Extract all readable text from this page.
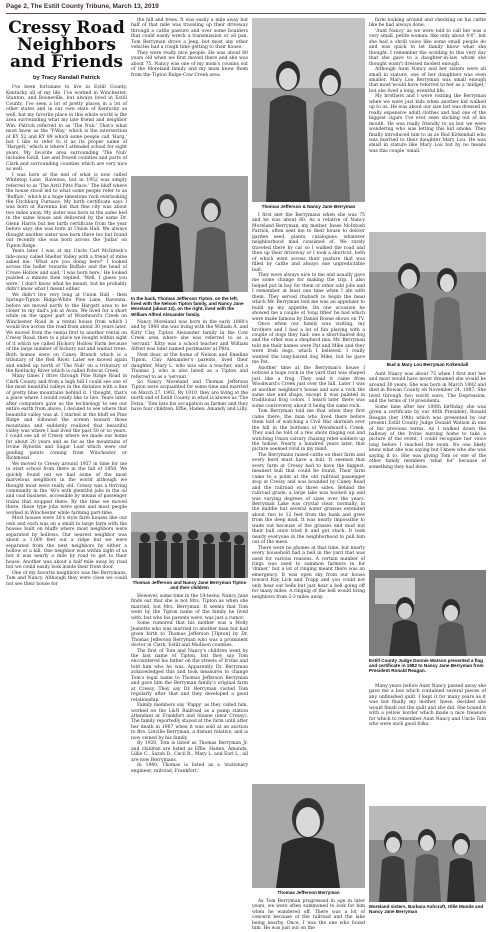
Page 2, The Estill County Tribune, March 13, 2019
Cressy Road Neighbors and Friends
by Tracy Randall Patrick

I've been fortunate to live in Estill County, Kentucky all of my life. I've worked in Winchester, Stanton, and Booneville, but always lived in Estill County. I've seen a lot of pretty places in a lot of other states and in our own state of Kentucky as well, but my favorite place in this whole world is the area surrounding what my late friend and neighbor Wm. Patrick referred to as 'The Nub.' That's what most know as the 'Y-Way,' which is the intersection of KY 52 and KY 89 which some people call 'Harg,' but I like to refer to it as its proper name of 'Hargett,' which is where I attended school for eight years. My favorite area surrounding 'The Nub' includes Estill, Lee and Powell counties and parts of Clark and surrounding counties which are very nice as well.

I was born at the end of what is now called Whitetop Lane, Ravenna, but in 1952 was simply referred to as 'The Avril Pitts Place.' The bluff where the house stood led to what some people refer to as 'Buffalo,' which is a huge limestone rock overlooking the Fitchburg Furnace. My birth certificate says I was born at Ravenna but that fine city was about two miles away. My sister was born in the same bed in the same house and delivered by the same Dr. Glenn Harris but her birth certificate from the year before says she was born at Union Hall. We always thought another sister was born there too but found out recently she was born across the 'Judas' on Tipton Ridge.

Years later, I was at my Uncle Carl McIntosh's tide-away called Shelter Valley with a friend of mine asked me, 'What are you doing here?' I looked across the holler towards Buffalo and the head of Crowe Hollow and said, 'I was born here.' He looked puzzled a minute then replied, 'Well, I guess you were.' I don't know what he meant, but he probably didn't know what I meant either.

We didn't live very long at Union Hall - then Springs-Tipton Ridge-White Pine Lane, Ravenna, before we moved north to the Hargett area to be closer to my dad's job at Avon. We lived for a short while on the upper part of Woodward's Creek on Winchester Road in a rental house from which I would live across the road from about 30 years later. We moved from the rental first to another rental on Cressy Road, then to a place we bought within sight of it which we called Hickory Hollow Farm because of the large number of hickory nut and walnut trees. Both homes were on Caney Branch which is a tributary of the Red River. Later we moved again and ended up north of 'The Nub' on a tributary of the Kentucky River which is called Polecat Creek.

Many times I drive through Pine Ridge Road in Clark County and from a high hill I could see one of the most beautiful valleys in the distance with a line of pretty blue mountains behind it. I thought, that's a place where I would really like to live. Years later, after computers gave us the technology to see our entire earth from above, I decided to see where that beautiful valley was at. I started at the bluff on Pine Ridge and followed the screen toward those mountains and suddenly realized that beautiful valley was where I had lived the past 50 or so years. I could see all of Cressy where we made our home for about 20 years and as far as the mountains of Irvine Rynolds and Sugar Loaf which were our guiding points coming from Winchester or Richmond.

We moved to Cressy around 1957 in time for me to start school from there in the fall of 1958. We quickly found out we had some of the most marvelous neighbors in the world although we thought most were really old. Cressy was a thriving community in the '40's with plentiful jobs in the oil and coal business, accessible by means of passenger trains that stopped there. By the time we moved there, those type jobs were gone and most people worked in Winchester while farming part-time.

Most houses were 30's style farm houses like our own and each was on a small to large farm with the houses built on bluffs where most neighbors were separated by hollows. Our nearest neighbor was about a 1,000 feet out a ridge but we were separated from the next neighbors by either a hollow or a hill. One neighbor was within sight of us but it was nearly a mile by road to get to their house. Another was about a half mile away by road but we could easily look inside their front door.

One of my favorite neighbors was the Berrymans, Tom and Nancy. Although they were close we could not see their house for

the hill and trees. It was easily a mile away but half of that mile was traveling up their driveway through a cattle pasture and over some boulders that could easily wreck a transmission or oil pan. Tom Berryman drove a Jeep, but most any other vehicles had a rough time getting to their house.

They were really nice people. He was about 80 years old when we first moved there and she was about 75. Nancy was one of my mom's cousins out of the Moreland family and my mom knew them from the Tipton Ridge-Cow Creek area.

In the back, Thomas Jefferson Tipton, on the left, lived with the Nelson Tipton family, and Nancy Jane Moreland (about 13), on the right, lived with the William Alfred Alexander family.

Nancy Moreland was born in the early 1880's and by 1900 she was living with the William A. and Kitty Clay Tipton Alexander family in the Cow Creek area where she was referred to as a 'servant.' Kitty was a school teacher and William Alfred was later named postmaster at Pitts.

Next door, at the home of Nelson and Emeline Tipton, Clay Alexander's parents, lived their daughter, Mary L. who was also a teacher, and a Thomas J. who is also listed as a Tipton and referred to as a 'servant.'

So Nancy Moreland and Thomas Jefferson Tipton were acquainted for some time and married on March 27, 1902. By 1910, they are living at the north end of Estill County in what is known as 'The Fetza.' Tom lists his occupation as farmer and they have four children, Effie, Haden, Amandy and Lilly.

Thomas Jefferson and Nancy Jane Berryman Tipton and their children

However, some time in the 19-teens, Nancy Jane finds out that she is not Mrs. Tipton as when she married, but Mrs. Berryman. It seems that Tom went by the Tipton name of the family he lived with, but who his parents were, was just a rumor.

Some rumored that his mother was a Molly Jeanette who was married to another man but had given birth to Thomas Jefferson [Tipton] by Dr. Thomas Jefferson Berryman who was a prominent doctor in Clark, Estill and Madison counties.

The first of Tom and Nancy's children went by the last name of Tipton, but they say Tom encountered his father on the streets of Irvine and told him who he was. Apparently Dr. Berryman acknowledged this and took measures to change Tom's legal name to Thomas Jefferson Berryman and gave him the Berryman family's original farm at Cressy. They say Dr. Berryman visited Tom regularly after that and they developed a good relationship.

Family members say 'Pappy' as they called him, worked on the L&N Railroad as a pump station attendant at Frankfort and Sloane (near Cressy). The family reportedly stayed at the farm until after her death in 1987 when it was sold at an auction to Bro. Linville Berryman, a distant relative, and is now owned by his family.

By 1920, Tom is listed as Thomas Berryman Jr. and children are listed as Effie, Haden, Amanda, Lillie C., Sarah D., Cecil R., Mary L. and Earl L., all are now Berrymans.

In 1940, Thomas is listed as a 'stationary engineer, railroad, Frankfort.'

Thomas Jefferson & Nancy Jane Berryman

I first met the Berrymans when she was 75 and he was about 80. As a relative of Nancy Moreland Berryman, my mother, Inese McIntosh Patrick, often sent me to their house to deliver garden seed, plants, catalogues, whatever neighborhood mail consisted of. We rarely traveled there by car so I walked the road and then up their driveway or I took a shortcut, both of which went across their pasture that was filled by cattle and always one unpredictable bull.

They were always nice to me and usually gave me some change for making the trip. I also helped put in hay for them or other odd jobs and I remember at least one time when I ate with them. They served rhubarb to begin the meal which Mr. Berryman told me was an appetizer to build up my appetite. On one occasion he showed me a couple of 'long rifles' he had which were made famous by Daniel Boone shows on TV.

Once when our family was visiting, my brothers and I had a lot of fun playing with a couple of dogs they had: one a short-haired dog and the other was a shepherd mix. Mr. Berryman told me their names were Pat and Mike and they were Irish dogs, which I believed. I really wanted the long-haired dog Mike, but he gave me Pat.

Another time at the Berryman's house I noticed a huge rock in the yard that was shaped just like a frog. They said it came from Woodward's Creek just over the hill. Later I was at another neighbor's house and saw a rock the same size and shape, except it was painted in traditional frog colors. I heard later there was some controversy about it being the same rock.

Tom Berryman told me that when they first came there, the man who lived there before them told of watching a Civil War skirmish over the hill in the bottoms of Woodward's Creek. They said he told of a few shots ringing out and watching Union calvary chasing rebel soldiers up the hollow. Nearly a hundred years later, that picture seemed vivid in my mind.

The Berrymans raised cattle on their farm and every herd must have a bull. It seemed that every farm at Cressy had to have the biggest, meanest bull that could be found. Their farm came to a point at the old railroad passenger stop at Cressy and was bounded by Caney Road and the railroad on three sides. Behind the railroad grade, a large lake was backed up and was varying degrees of sizes over the years. Berryman Lake was crystal clear, normally, in the middle but several water grasses extended about two to 12 feet from the bank and grew from the deep mud. It was nearly impossible to wade out because of the grasses and mud but their bull once tried it and got stuck. It took nearly everyone in the neighborhood to pull him out of the mess.

There were no phones at that time, but nearly every household had a bell in the yard that was used for various reasons. A certain number of rings was used to summon farmers in for 'dinner,' but a lot of ringing meant there was an emergency. It was open sky from our house toward Ray Lick and Trapp and you could not only hear our bells but just hear a bell going off for many miles. A ringing of the bell would bring neighbors from 2-3 miles away.

Thomas Jefferson Berryman

As Tom Berryman progressed in age in later years, we were often summoned to look for him when he wandered off. There was a lot of concern because of the railroad and the lake being nearby. Once, I was the one who found him. He was just out on the

farm looking around and checking on his cattle like he had always done.

'Aunt Nancy' as we were told to call her was a very small, petite woman, like only about 4'6", but she had a shrill voice like some small people do and was quick to let family know what she thought. I remember the scolding to this very day that she gave to a daughter-in-law whom she thought wasn't dressed modest enough.

Although Aunt Nancy and her sisters were all small in stature, one of her daughters was even smaller. Mary Lou Berryman was small enough that most would have referred to her as a 'midget,' but she lived a long, eventful life.

My brothers and I were visiting the Berryman when we were just kids when another kid walked up to us. He was about our size but was dressed in really expensive adult clothes and had one of the biggest cigars I've ever seen sticking out of his mouth. He was really friendly to us but we were wondering who was letting this kid smoke. They finally introduced him to us as Bud Kirkendall who was married to their daughter Mary Lou. He was small in stature like Mary Lou but by no means was this couple 'small.'

Bud & Mary Lou Berryman Kirkendall

Aunt Nancy was about 75 when I first met her and most would have never dreamed she would be around 30 years. She was born in March 1882 and died in Rowan County on November 24, 1987. She lived through two world wars, The Depression, and the terms of 19 presidents.

Some time after her 100th birthday, she was given a certificate by our 40th President, Ronald Reagan (her 19th) which was presented by our present Estill County Judge Donald Watson in one of his previous terms. As I walked down the hallway of the Irvine nursing home to take a picture of the event, I could recognize her voice long before I reached the room. No one likely knew what she was saying but I knew who she was saying it to. She was giving Tom or one of the other family members 'what for' because of something they had done.

Estill County Judge Donnie Watson presented a flag and certificate in 1982 to Nancy Jane Berryman from President Ronald Reagan.

Many years before Aunt Nancy passed away she gave me a box which contained several pieces of any unfinished quilt. I kept it for many years as it was but finally my mother, Inese, decided she would finish out the quilt and she did. She bound it with a yellow border which made a nice treasure for which to remember Aunt Nancy and Uncle Tom who were such good folks.

Moreland sisters, Barbara Ashcraft, Ollie Munde and Nancy Jane Berryman
